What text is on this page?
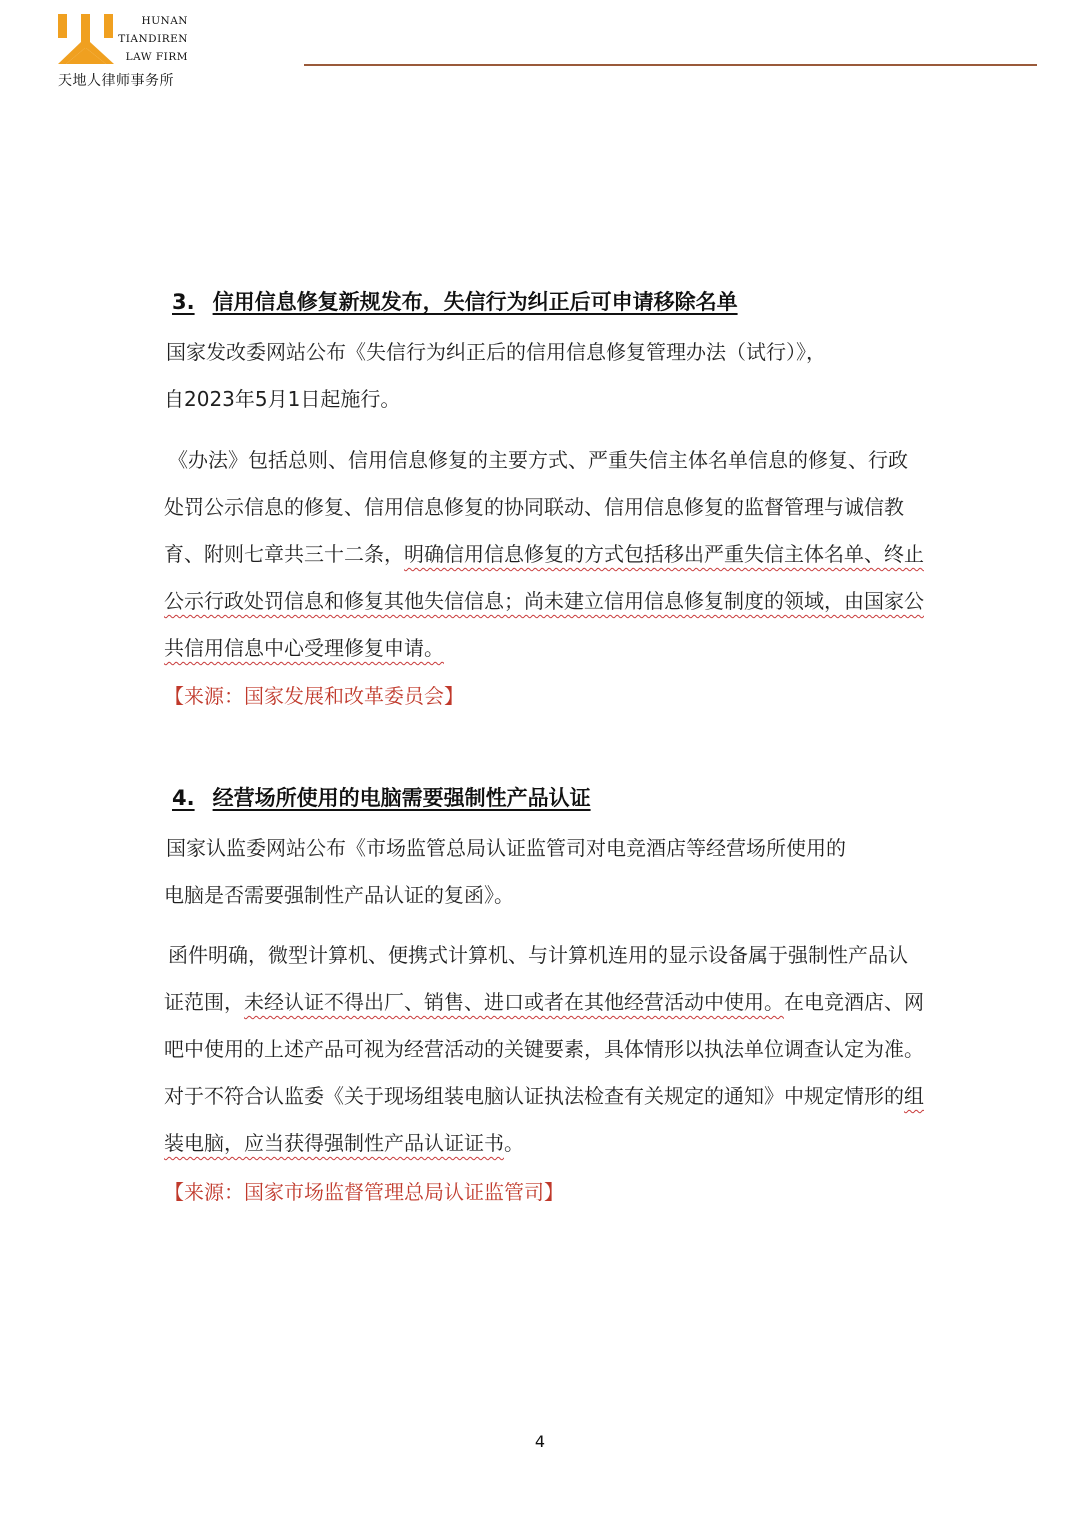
HUNAN
TIANDIREN
LAW FIRM
天地人律师事务所
3. 信用信息修复新规发布，失信行为纠正后可申请移除名单
国家发改委网站公布《失信行为纠正后的信用信息修复管理办法（试行）》，
自2023年5月1日起施行。
《办法》包括总则、信用信息修复的主要方式、严重失信主体名单信息的修复、行政处罚公示信息的修复、信用信息修复的协同联动、信用信息修复的监督管理与诚信教育、附则七章共三十二条，明确信用信息修复的方式包括移出严重失信主体名单、终止公示行政处罚信息和修复其他失信信息；尚未建立信用信息修复制度的领域，由国家公共信用信息中心受理修复申请。
【来源：国家发展和改革委员会】
4. 经营场所使用的电脑需要强制性产品认证
国家认监委网站公布《市场监管总局认证监管司对电竞酒店等经营场所使用的
电脑是否需要强制性产品认证的复函》。
函件明确，微型计算机、便携式计算机、与计算机连用的显示设备属于强制性产品认证范围，未经认证不得出厂、销售、进口或者在其他经营活动中使用。在电竞酒店、网吧中使用的上述产品可视为经营活动的关键要素，具体情形以执法单位调查认定为准。对于不符合认监委《关于现场组装电脑认证执法检查有关规定的通知》中规定情形的组装电脑，应当获得强制性产品认证证书。
【来源：国家市场监督管理总局认证监管司】
4
